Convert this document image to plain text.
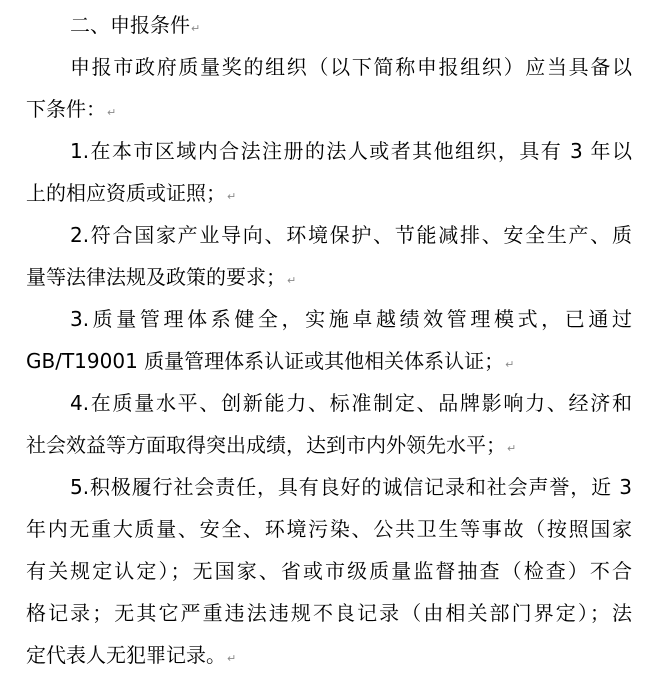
二、申报条件↵
申报市政府质量奖的组织（以下简称申报组织）应当具备以
下条件：↵
1.在本市区域内合法注册的法人或者其他组织，具有 3 年以
上的相应资质或证照；↵
2.符合国家产业导向、环境保护、节能减排、安全生产、质
量等法律法规及政策的要求；↵
3.质量管理体系健全，实施卓越绩效管理模式，已通过
GB/T19001 质量管理体系认证或其他相关体系认证；↵
4.在质量水平、创新能力、标准制定、品牌影响力、经济和
社会效益等方面取得突出成绩，达到市内外领先水平；↵
5.积极履行社会责任，具有良好的诚信记录和社会声誉，近 3
年内无重大质量、安全、环境污染、公共卫生等事故（按照国家
有关规定认定）；无国家、省或市级质量监督抽查（检查）不合
格记录；无其它严重违法违规不良记录（由相关部门界定）；法
定代表人无犯罪记录。↵
